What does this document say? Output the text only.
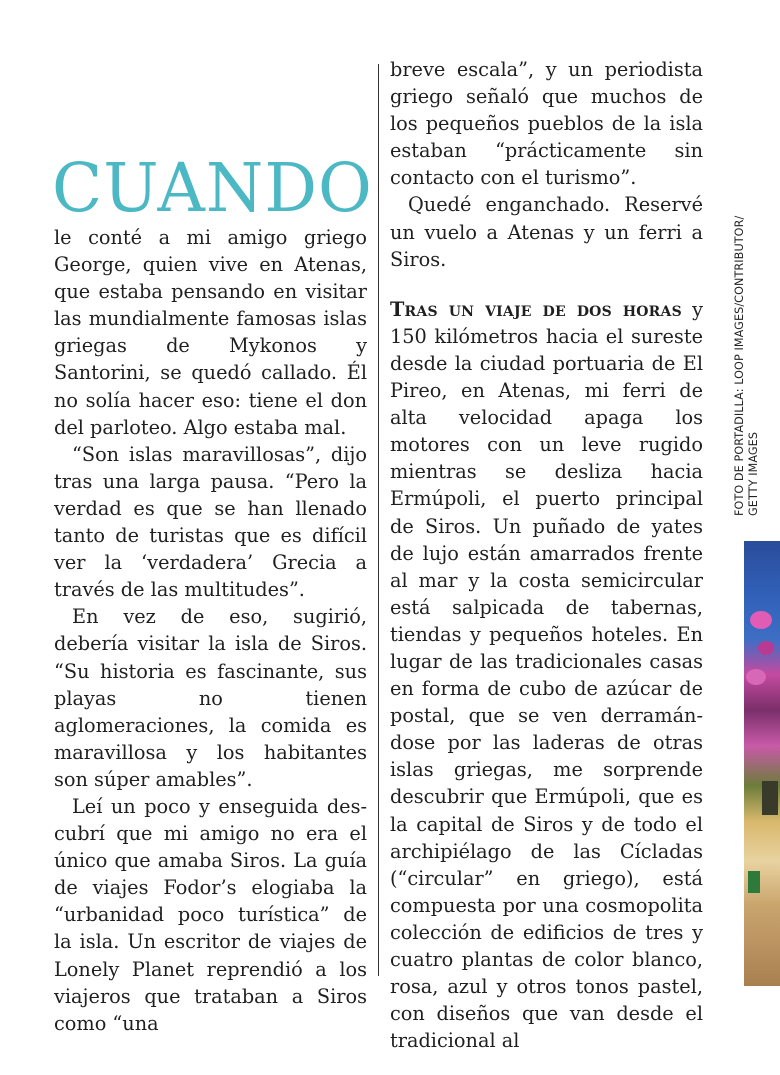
CUANDO

le conté a mi amigo griego George, quien vive en Atenas, que estaba pensando en visitar las mundialmente famosas islas griegas de Mykonos y Santorini, se quedó callado. Él no solía hacer eso: tiene el don del parloteo. Algo estaba mal.

“Son islas maravillosas”, dijo tras una larga pausa. “Pero la verdad es que se han llenado tanto de turistas que es difícil ver la ‘verdadera’ Grecia a través de las multitudes”.

En vez de eso, sugirió, debería visitar la isla de Siros. “Su historia es fascinante, sus playas no tienen aglomeraciones, la comida es maravillosa y los habitantes son súper amables”.

Leí un poco y enseguida descubrí que mi amigo no era el único que amaba Siros. La guía de viajes Fodor’s elogiaba la “urbanidad poco turística” de la isla. Un escritor de viajes de Lonely Planet reprendió a los viajeros que trataban a Siros como “una

breve escala”, y un periodista griego señaló que muchos de los pequeños pueblos de la isla estaban “prácticamente sin contacto con el turismo”.

Quedé enganchado. Reservé un vuelo a Atenas y un ferri a Siros.

Tras un viaje de dos horas y 150 kilómetros hacia el sureste desde la ciudad portuaria de El Pireo, en Atenas, mi ferri de alta velocidad apaga los motores con un leve rugido mientras se desliza hacia Ermúpoli, el puerto principal de Siros. Un puñado de yates de lujo están amarrados frente al mar y la costa semicircular está salpicada de tabernas, tiendas y pequeños hoteles. En lugar de las tradicionales casas en forma de cubo de azúcar de postal, que se ven derramándose por las laderas de otras islas griegas, me sorprende descubrir que Ermúpoli, que es la capital de Siros y de todo el archipiélago de las Cícladas (“circular” en griego), está compuesta por una cosmopolita colección de edificios de tres y cuatro plantas de color blanco, rosa, azul y otros tonos pastel, con diseños que van desde el tradicional al

FOTO DE PORTADILLA: LOOP IMAGES/CONTRIBUTOR/ GETTY IMAGES
